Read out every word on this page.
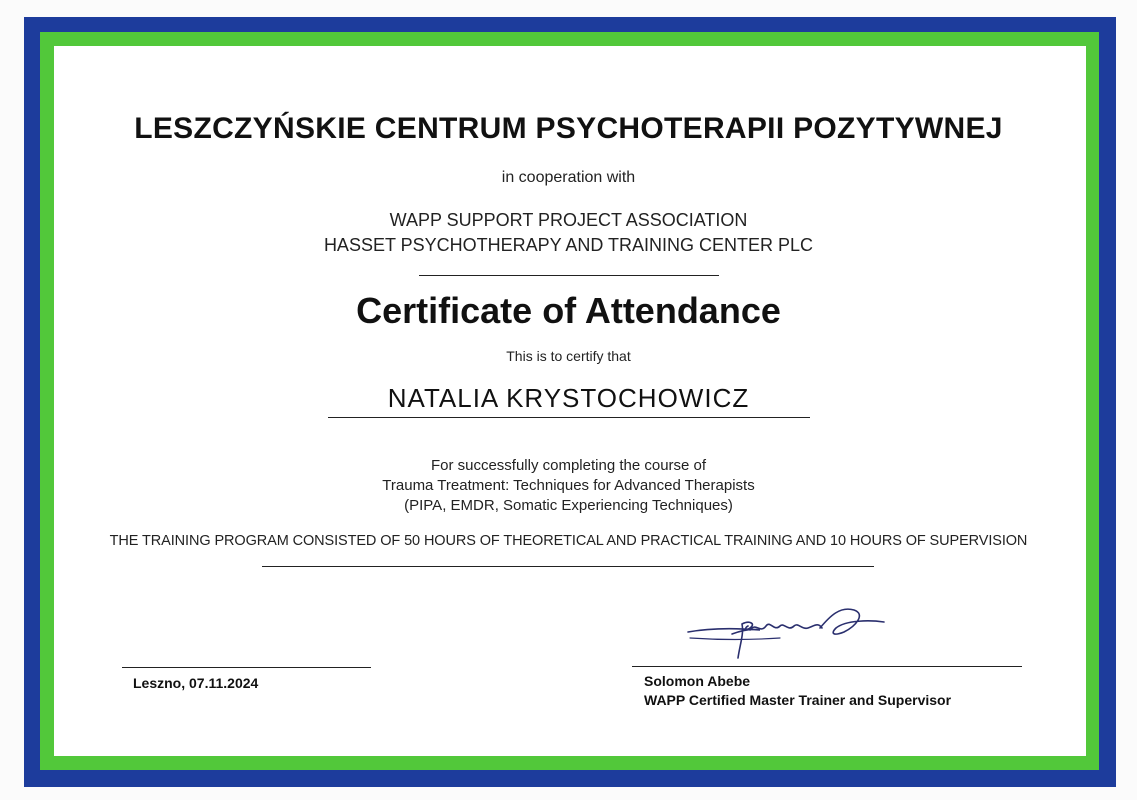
LESZCZYŃSKIE CENTRUM PSYCHOTERAPII POZYTYWNEJ
in cooperation with
WAPP SUPPORT PROJECT ASSOCIATION
HASSET PSYCHOTHERAPY AND TRAINING CENTER PLC
Certificate of Attendance
This is to certify that
NATALIA KRYSTOCHOWICZ
For successfully completing the course of
Trauma Treatment: Techniques for Advanced Therapists
(PIPA, EMDR, Somatic Experiencing Techniques)
THE TRAINING PROGRAM CONSISTED OF 50 HOURS OF THEORETICAL AND PRACTICAL TRAINING AND 10 HOURS OF SUPERVISION
Leszno, 07.11.2024	Solomon Abebe
WAPP Certified Master Trainer and Supervisor
